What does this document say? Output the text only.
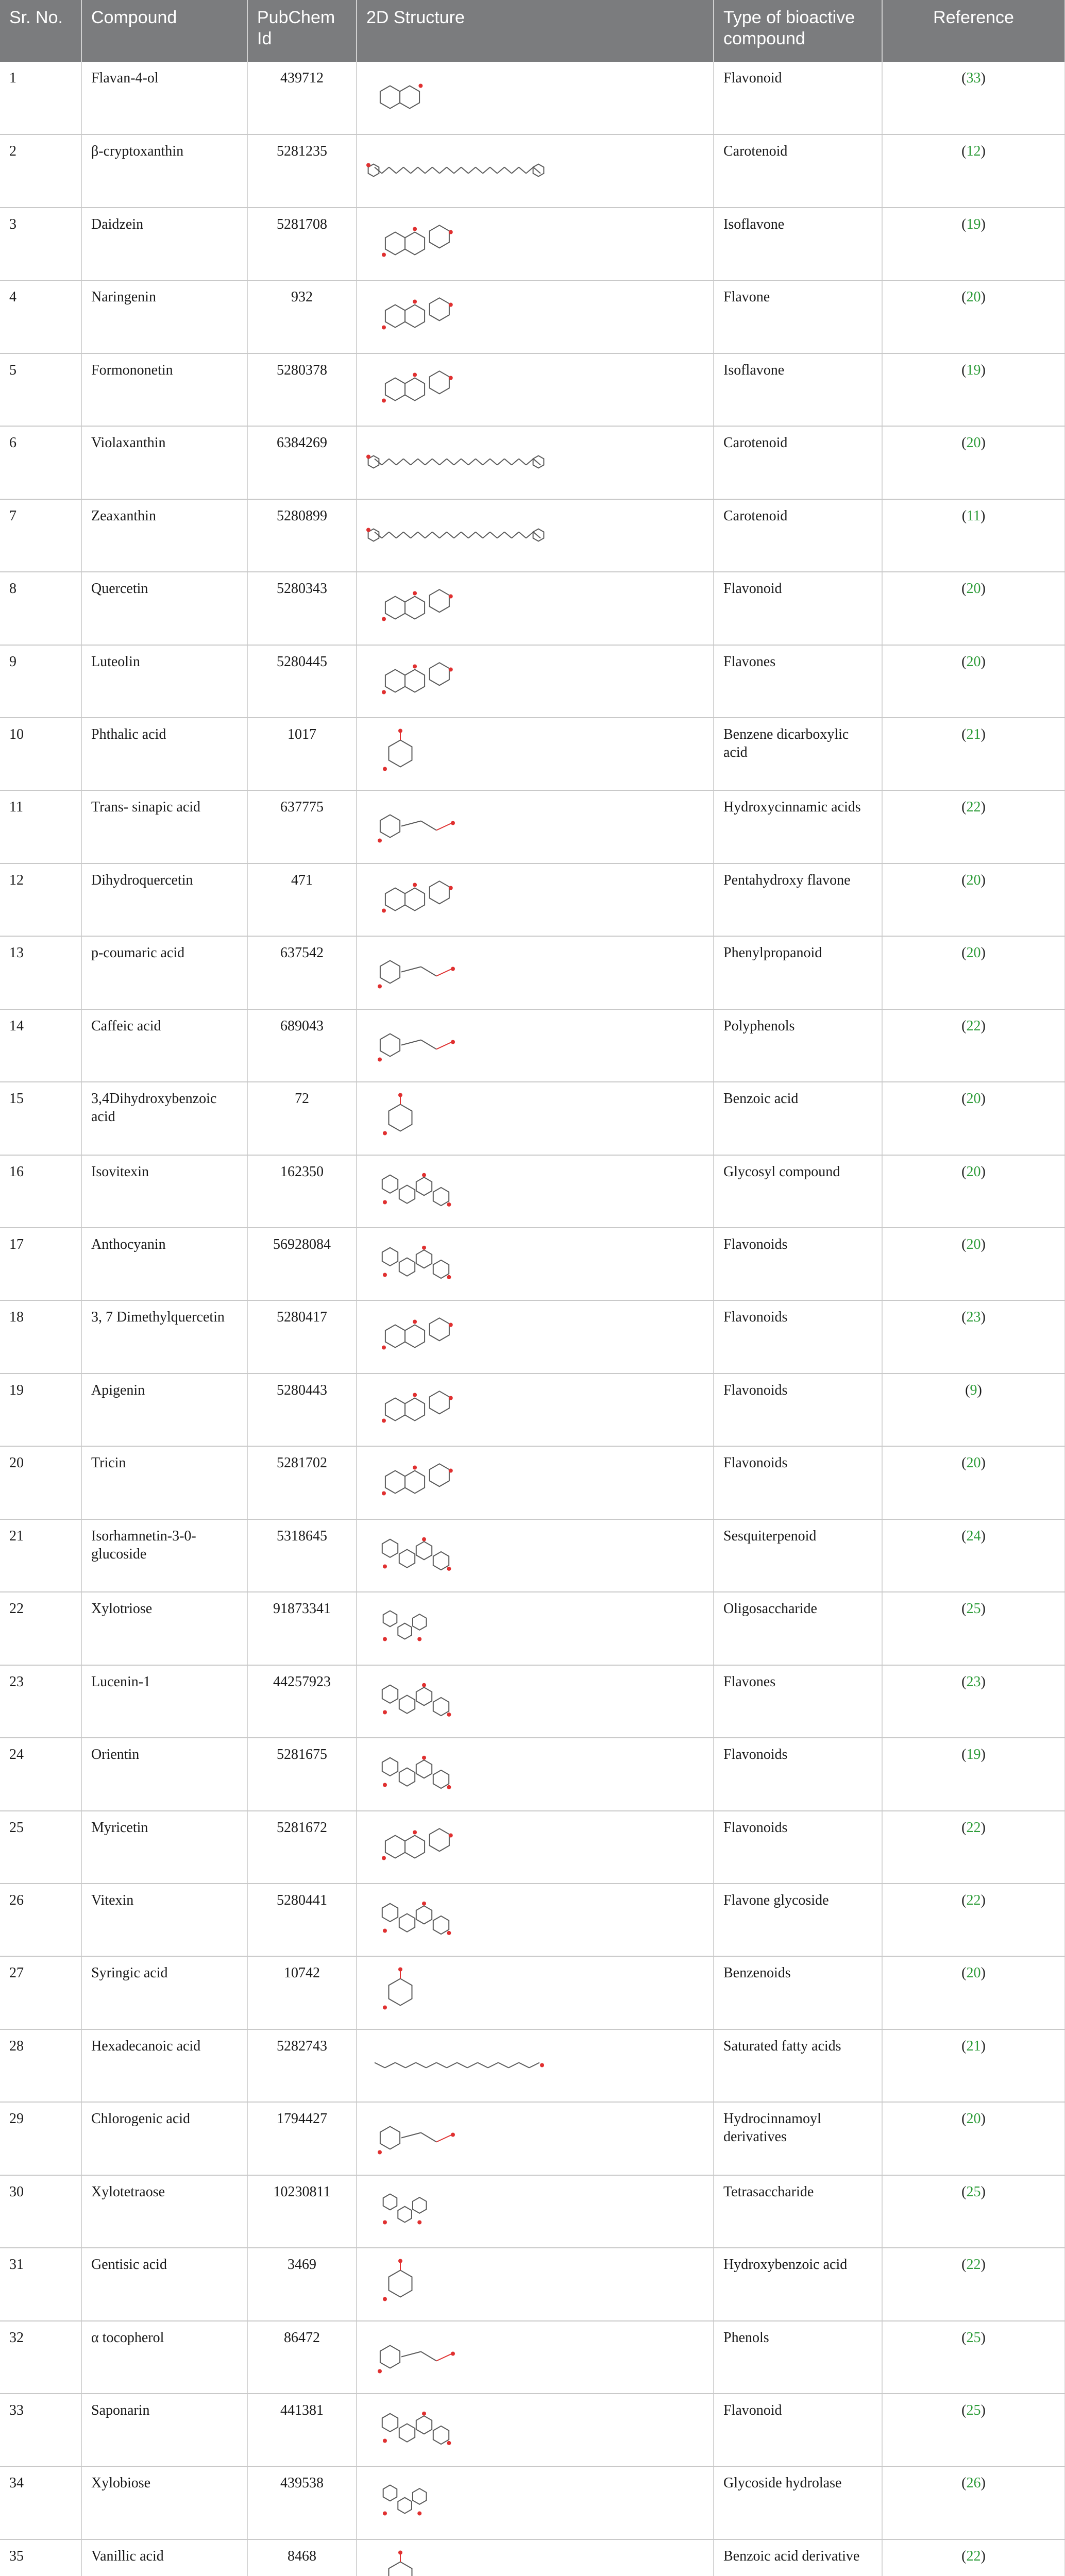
Sr. No.	Compound	PubChem Id	2D Structure	Type of bioactive compound	Reference
1	Flavan-4-ol	439712		Flavonoid	(33)
2	β-cryptoxanthin	5281235		Carotenoid	(12)
3	Daidzein	5281708		Isoflavone	(19)
4	Naringenin	932		Flavone	(20)
5	Formononetin	5280378		Isoflavone	(19)
6	Violaxanthin	6384269		Carotenoid	(20)
7	Zeaxanthin	5280899		Carotenoid	(11)
8	Quercetin	5280343		Flavonoid	(20)
9	Luteolin	5280445		Flavones	(20)
10	Phthalic acid	1017		Benzene dicarboxylic acid	(21)
11	Trans- sinapic acid	637775		Hydroxycinnamic acids	(22)
12	Dihydroquercetin	471		Pentahydroxy flavone	(20)
13	p-coumaric acid	637542		Phenylpropanoid	(20)
14	Caffeic acid	689043		Polyphenols	(22)
15	3,4Dihydroxybenzoic acid	72		Benzoic acid	(20)
16	Isovitexin	162350		Glycosyl compound	(20)
17	Anthocyanin	56928084		Flavonoids	(20)
18	3, 7 Dimethylquercetin	5280417		Flavonoids	(23)
19	Apigenin	5280443		Flavonoids	(9)
20	Tricin	5281702		Flavonoids	(20)
21	Isorhamnetin-3-0-glucoside	5318645		Sesquiterpenoid	(24)
22	Xylotriose	91873341		Oligosaccharide	(25)
23	Lucenin-1	44257923		Flavones	(23)
24	Orientin	5281675		Flavonoids	(19)
25	Myricetin	5281672		Flavonoids	(22)
26	Vitexin	5280441		Flavone glycoside	(22)
27	Syringic acid	10742		Benzenoids	(20)
28	Hexadecanoic acid	5282743		Saturated fatty acids	(21)
29	Chlorogenic acid	1794427		Hydrocinnamoyl derivatives	(20)
30	Xylotetraose	10230811		Tetrasaccharide	(25)
31	Gentisic acid	3469		Hydroxybenzoic acid	(22)
32	α tocopherol	86472		Phenols	(25)
33	Saponarin	441381		Flavonoid	(25)
34	Xylobiose	439538		Glycoside hydrolase	(26)
35	Vanillic acid	8468		Benzoic acid derivative	(22)
